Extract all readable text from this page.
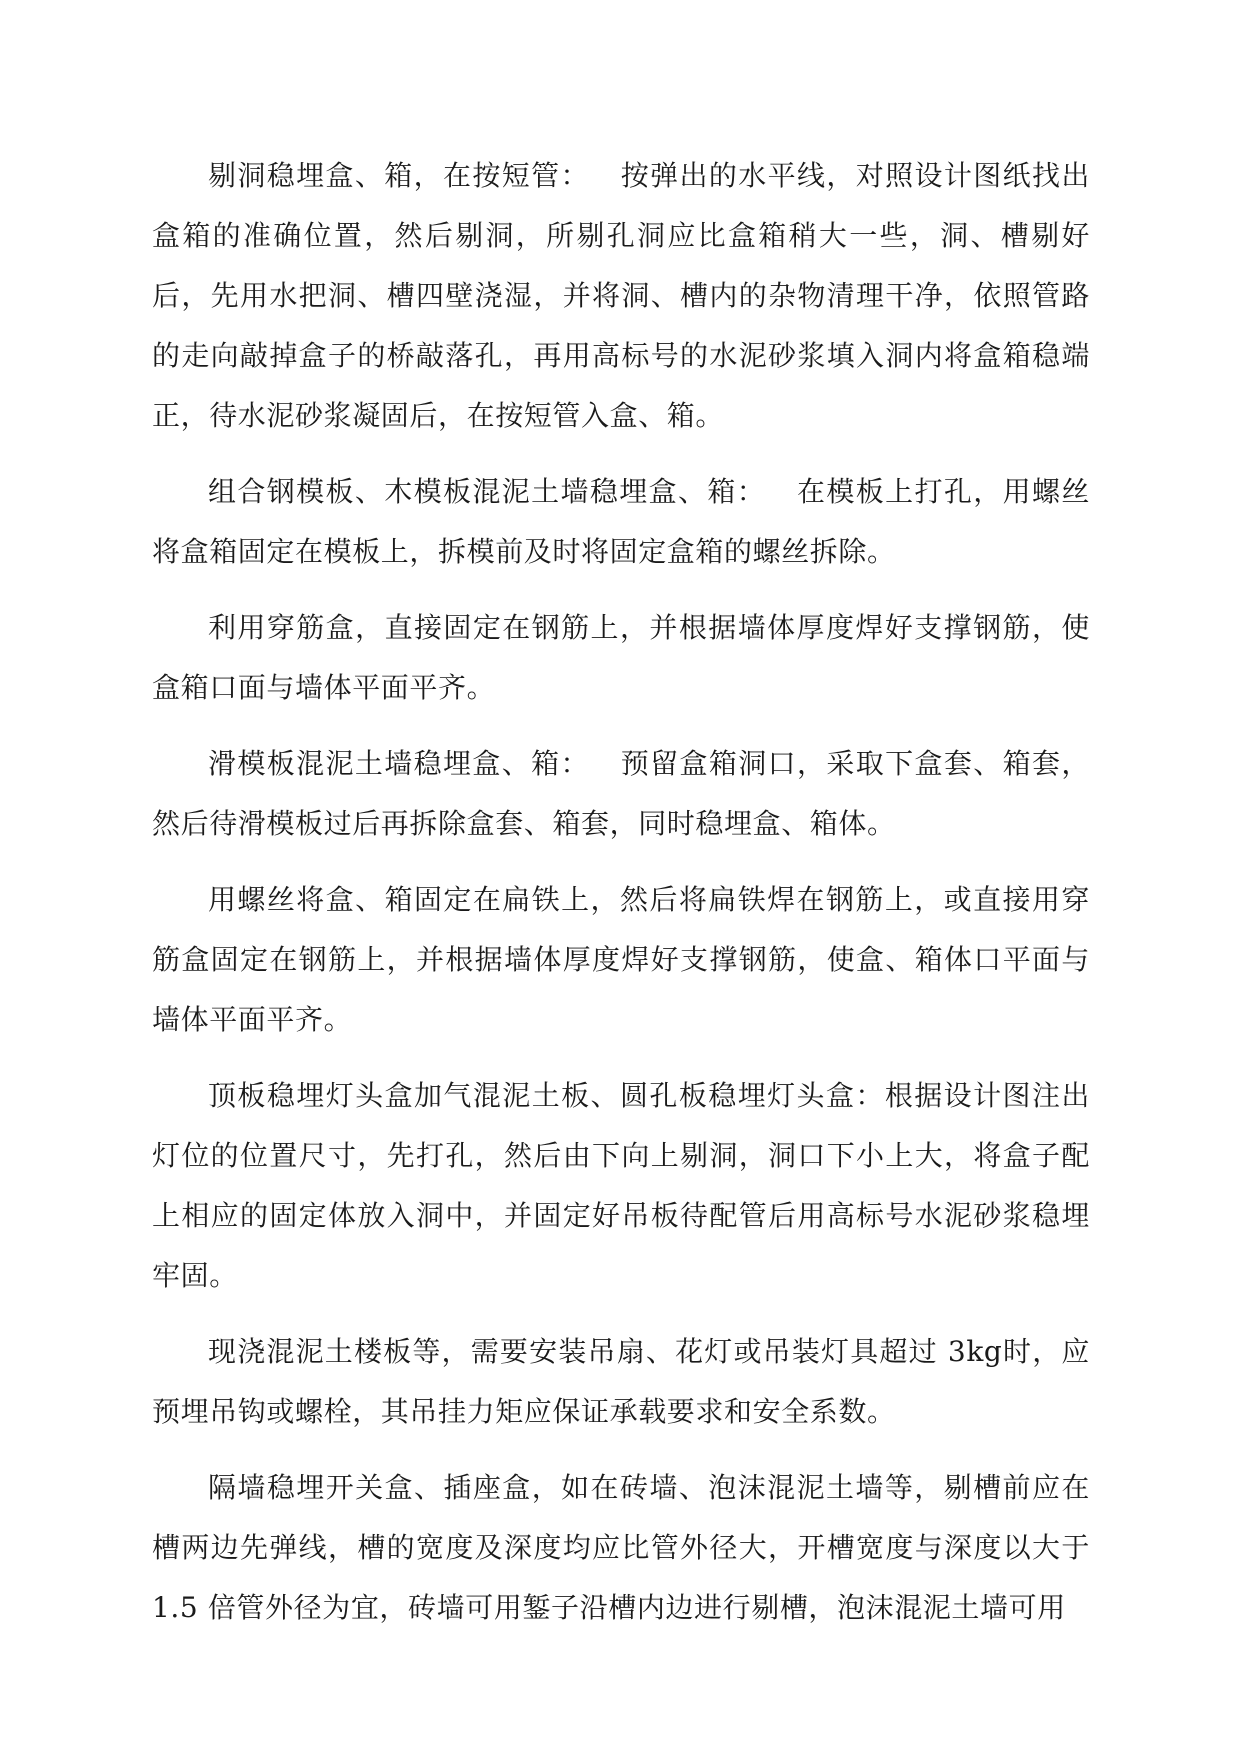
剔洞稳埋盒、箱，在按短管：   按弹出的水平线，对照设计图纸找出盒箱的准确位置，然后剔洞，所剔孔洞应比盒箱稍大一些，洞、槽剔好后，先用水把洞、槽四壁浇湿，并将洞、槽内的杂物清理干净，依照管路的走向敲掉盒子的桥敲落孔，再用高标号的水泥砂浆填入洞内将盒箱稳端正，待水泥砂浆凝固后，在按短管入盒、箱。

组合钢模板、木模板混泥土墙稳埋盒、箱：   在模板上打孔，用螺丝将盒箱固定在模板上，拆模前及时将固定盒箱的螺丝拆除。

利用穿筋盒，直接固定在钢筋上，并根据墙体厚度焊好支撑钢筋，使盒箱口面与墙体平面平齐。

滑模板混泥土墙稳埋盒、箱：   预留盒箱洞口，采取下盒套、箱套，然后待滑模板过后再拆除盒套、箱套，同时稳埋盒、箱体。

用螺丝将盒、箱固定在扁铁上，然后将扁铁焊在钢筋上，或直接用穿筋盒固定在钢筋上，并根据墙体厚度焊好支撑钢筋，使盒、箱体口平面与墙体平面平齐。

顶板稳埋灯头盒加气混泥土板、圆孔板稳埋灯头盒：根据设计图注出灯位的位置尺寸，先打孔，然后由下向上剔洞，洞口下小上大，将盒子配上相应的固定体放入洞中，并固定好吊板待配管后用高标号水泥砂浆稳埋牢固。

现浇混泥土楼板等，需要安装吊扇、花灯或吊装灯具超过 3kg时，应预埋吊钩或螺栓，其吊挂力矩应保证承载要求和安全系数。

隔墙稳埋开关盒、插座盒，如在砖墙、泡沫混泥土墙等，剔槽前应在槽两边先弹线，槽的宽度及深度均应比管外径大，开槽宽度与深度以大于 1.5 倍管外径为宜，砖墙可用錾子沿槽内边进行剔槽，泡沫混泥土墙可用
